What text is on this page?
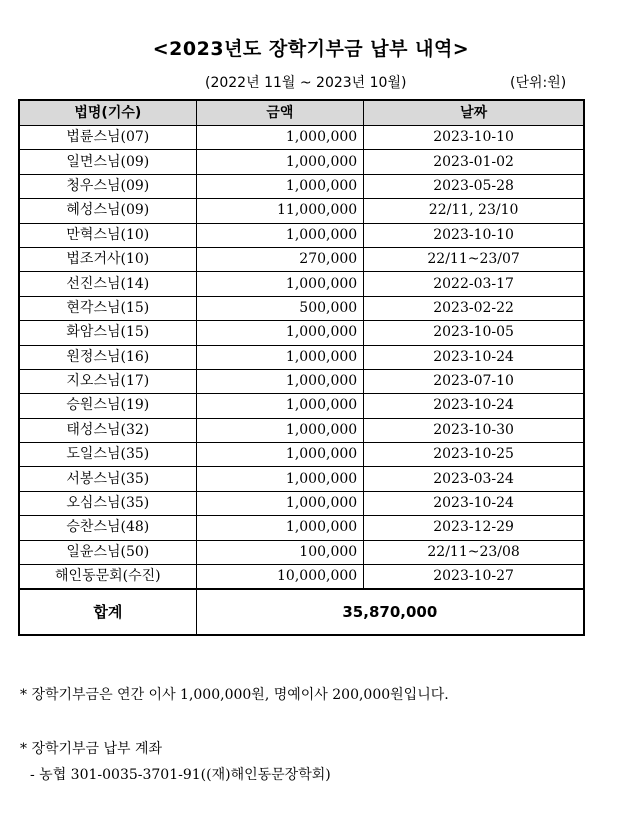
<2023년도 장학기부금 납부 내역>
(2022년 11월 ~ 2023년 10월)	(단위:원)
법명(기수)	금액	날짜
법륜스님(07)	1,000,000	2023-10-10
일면스님(09)	1,000,000	2023-01-02
청우스님(09)	1,000,000	2023-05-28
혜성스님(09)	11,000,000	22/11, 23/10
만혁스님(10)	1,000,000	2023-10-10
법조거사(10)	270,000	22/11~23/07
선진스님(14)	1,000,000	2022-03-17
현각스님(15)	500,000	2023-02-22
화암스님(15)	1,000,000	2023-10-05
원정스님(16)	1,000,000	2023-10-24
지오스님(17)	1,000,000	2023-07-10
승원스님(19)	1,000,000	2023-10-24
태성스님(32)	1,000,000	2023-10-30
도일스님(35)	1,000,000	2023-10-25
서봉스님(35)	1,000,000	2023-03-24
오심스님(35)	1,000,000	2023-10-24
승찬스님(48)	1,000,000	2023-12-29
일윤스님(50)	100,000	22/11~23/08
해인동문회(수진)	10,000,000	2023-10-27
합계	35,870,000	
* 장학기부금은 연간 이사 1,000,000원, 명예이사 200,000원입니다.
* 장학기부금 납부 계좌
- 농협 301-0035-3701-91((재)해인동문장학회)
